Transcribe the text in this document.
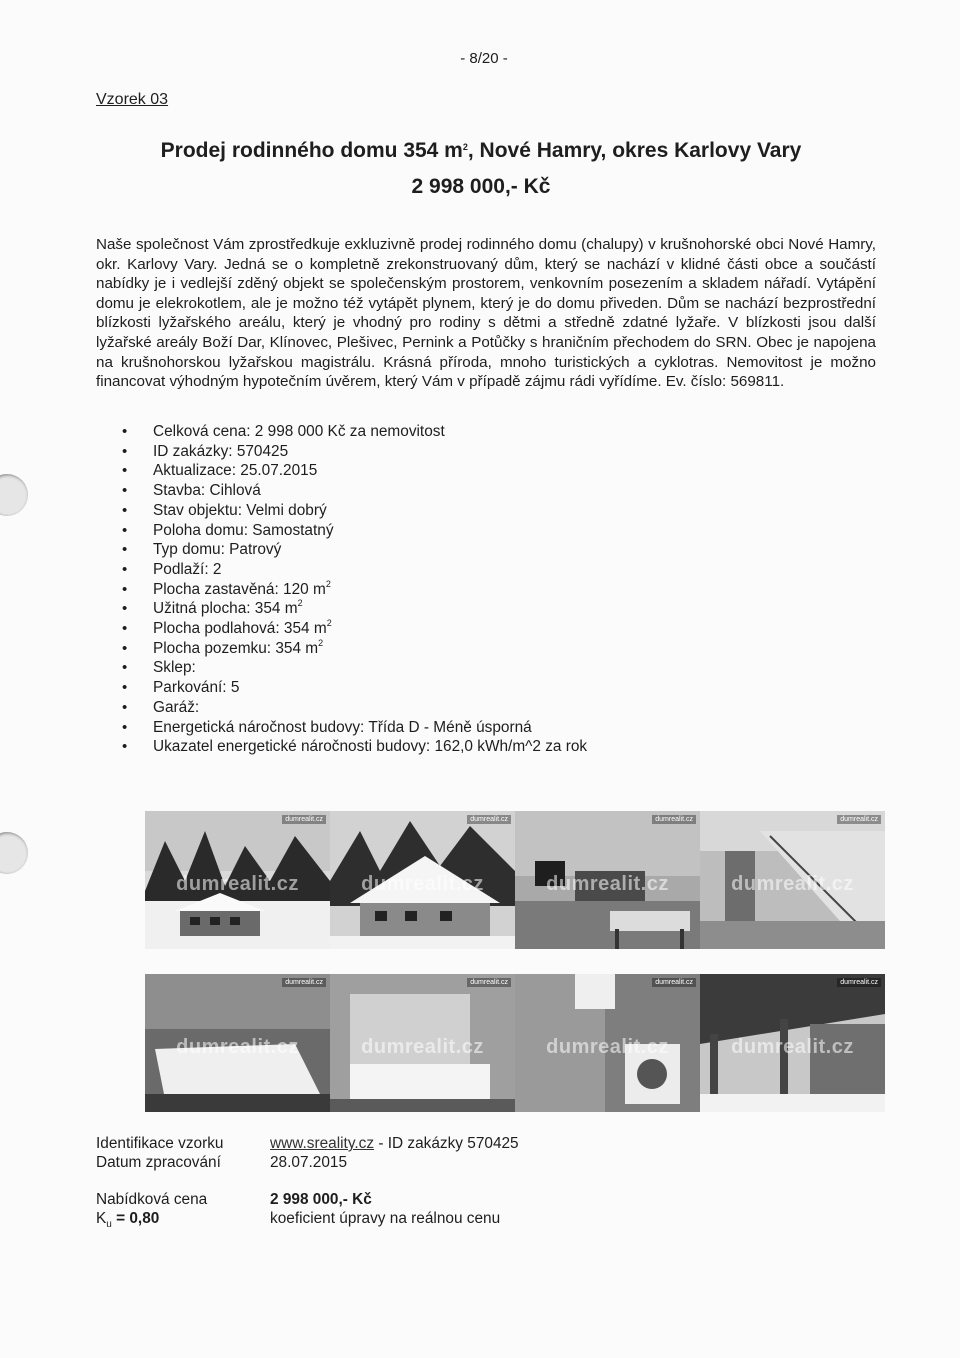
- 8/20 -
Vzorek 03
Prodej rodinného domu 354 $m^2$, Nové Hamry, okres Karlovy Vary
2 998 000,- Kč
Naše společnost Vám zprostředkuje exkluzivně prodej rodinného domu (chalupy) v krušnohorské obci Nové Hamry, okr. Karlovy Vary. Jedná se o kompletně zrekonstruovaný dům, který se nachází v klidné části obce a součástí nabídky je i vedlejší zděný objekt se společenským prostorem, venkovním posezením a skladem nářadí. Vytápění domu je elekrokotlem, ale je možno též vytápět plynem, který je do domu přiveden. Dům se nachází bezprostřední blízkosti lyžařského areálu, který je vhodný pro rodiny s dětmi a středně zdatné lyžaře. V blízkosti jsou další lyžařské areály Boží Dar, Klínovec, Plešivec, Pernink a Potůčky s hraničním přechodem do SRN. Obec je napojena na krušnohorskou lyžařskou magistrálu. Krásná příroda, mnoho turistických a cyklotras. Nemovitost je možno financovat výhodným hypotečním úvěrem, který Vám v případě zájmu rádi vyřídíme. Ev. číslo: 569811.
• Celková cena: 2 998 000 Kč za nemovitost
• ID zakázky: 570425
• Aktualizace: 25.07.2015
• Stavba: Cihlová
• Stav objektu: Velmi dobrý
• Poloha domu: Samostatný
• Typ domu: Patrový
• Podlaží: 2
• Plocha zastavěná: 120 $m^2$
• Užitná plocha: 354 $m^2$
• Plocha podlahová: 354 $m^2$
• Plocha pozemku: 354 $m^2$
• Sklep:
• Parkování: 5
• Garáž:
• Energetická náročnost budovy: Třída D - Méně úsporná
• Ukazatel energetické náročnosti budovy: 162,0 kWh/m^2 za rok
dumrealit.cz
dumrealit.cz
dumrealit.cz
dumrealit.cz
dumrealit.cz
dumrealit.cz
dumrealit.cz
dumrealit.cz
dumrealit.cz
dumrealit.cz
dumrealit.cz
dumrealit.cz
dumrealit.cz
dumrealit.cz
dumrealit.cz
dumrealit.cz
Identifikace vzorku	www.sreality.cz - ID zakázky 570425
Datum zpracování	28.07.2015
Nabídková cena	2 998 000,- Kč
$K_u = 0,80$	koeficient úpravy na reálnou cenu
